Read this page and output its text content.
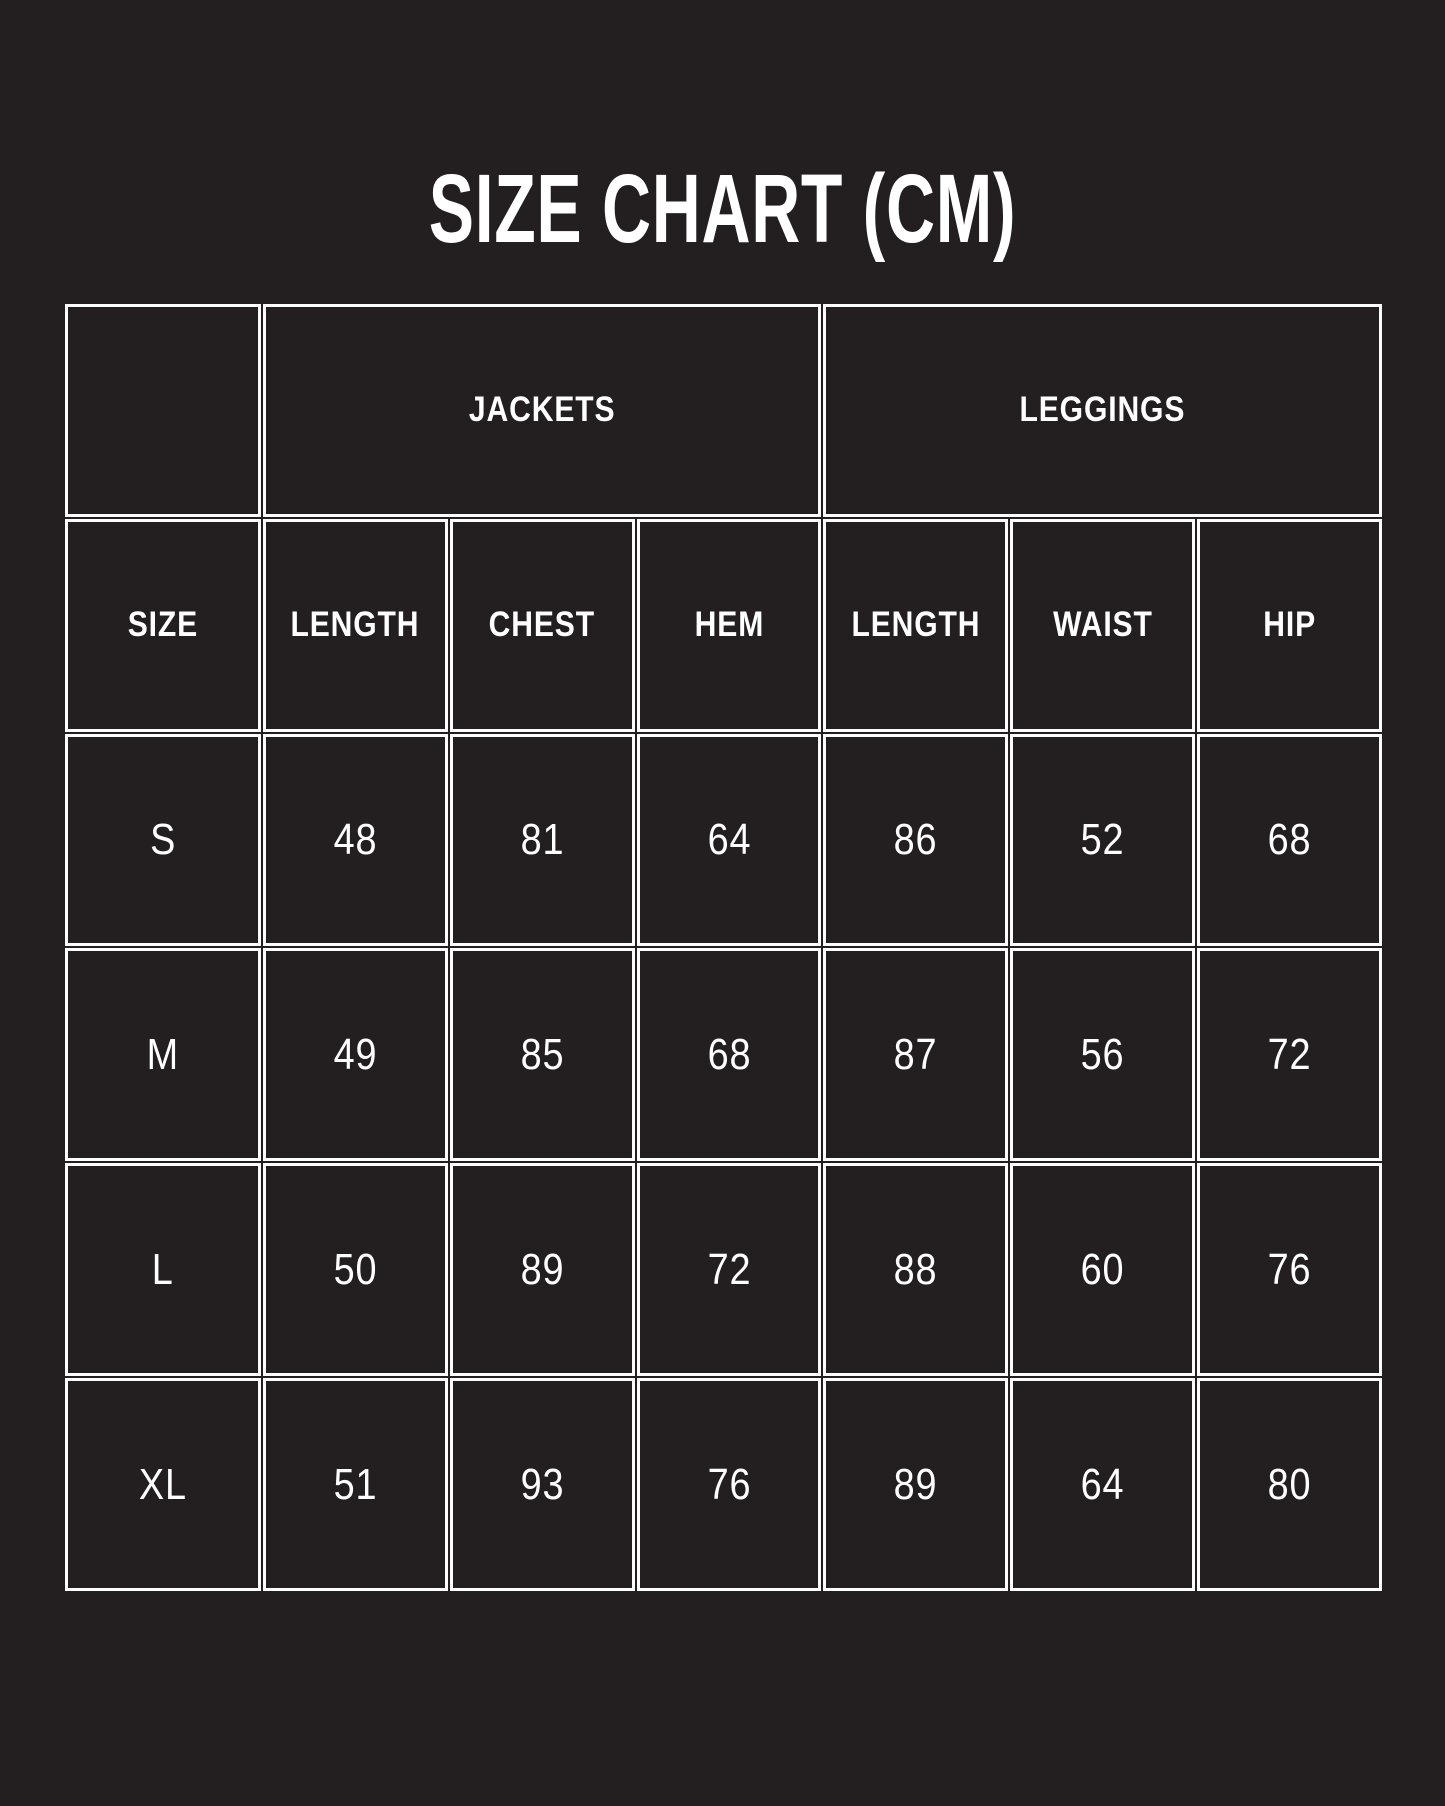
SIZE CHART (CM)
	JACKETS			LEGGINGS		
SIZE	LENGTH	CHEST	HEM	LENGTH	WAIST	HIP
S	48	81	64	86	52	68
M	49	85	68	87	56	72
L	50	89	72	88	60	76
XL	51	93	76	89	64	80
